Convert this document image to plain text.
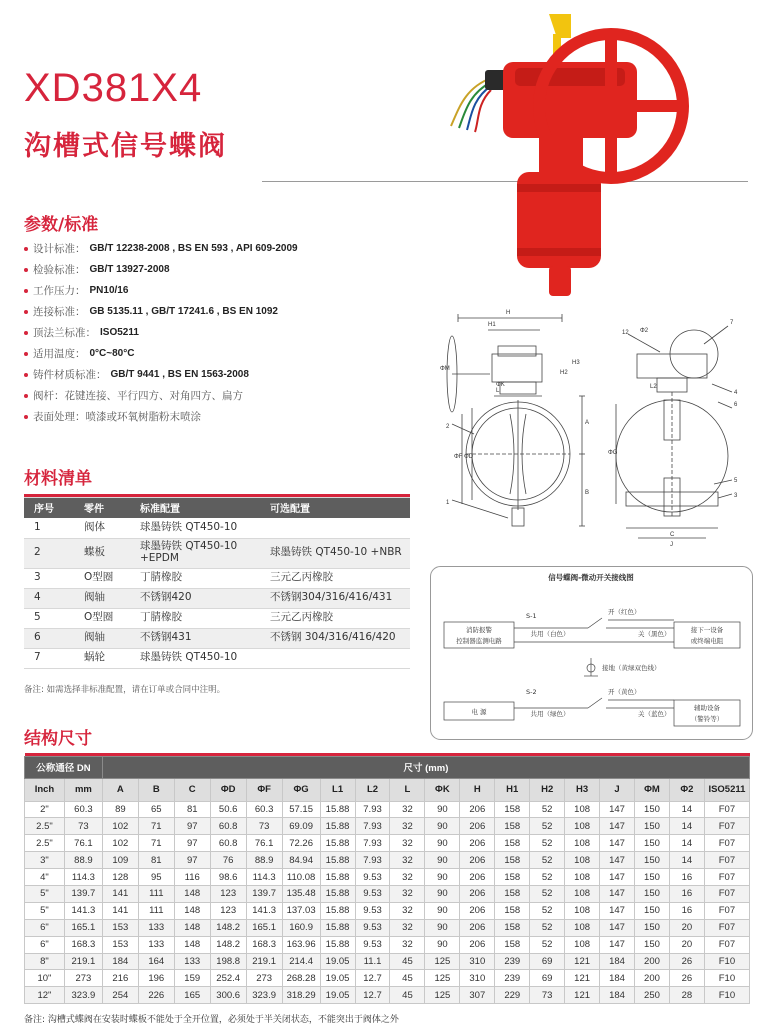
XD381X4
沟槽式信号蝶阀
参数/标准
设计标准： GB/T 12238-2008 , BS EN 593 , API 609-2009
检验标准： GB/T 13927-2008
工作压力： PN10/16
连接标准： GB 5135.11 , GB/T 17241.6 , BS EN 1092
顶法兰标准： ISO5211
适用温度： 0°C~80°C
铸件材质标准： GB/T 9441 , BS EN 1563-2008
阀杆：花键连接、平行四方、对角四方、扁方
表面处理：喷漆或环氧树脂粉末喷涂
材料清单

序号	零件	标准配置	可选配置
1	阀体	球墨铸铁 QT450-10	
2	蝶板	球墨铸铁 QT450-10 +EPDM	球墨铸铁 QT450-10 +NBR
3	O型圈	丁腈橡胶	三元乙丙橡胶
4	阀轴	不锈钢420	不锈钢304/316/416/431
5	O型圈	丁腈橡胶	三元乙丙橡胶
6	阀轴	不锈钢431	不锈钢 304/316/416/420
7	蜗轮	球墨铸铁 QT450-10	
备注: 如需选择非标准配置，请在订单或合同中注明。
H
H1
L
ΦM
ΦK
A
B
ΦF ΦD
H3
H2
1
2
12 Φ2
L2
7
6
4
5
3
ΦG
C
J
信号蝶阀-微动开关接线图
S-1
消防报警
控制器监测电路
接下一设备
或终端电阻
共用（白色）
开（红色）
关（黑色）
接地（黄绿双色线）
S-2
电 源	辅助设备
（警铃等）
共用（绿色）
开（黄色）
关（蓝色）
结构尺寸

公称通径 DN		尺寸 (mm)																	
Inch	mm	A	B	C	ΦD	ΦF	ΦG	L1	L2	L	ΦK	H	H1	H2	H3	J	ΦM	Φ2	ISO5211
2"	60.3	89	65	81	50.6	60.3	57.15	15.88	7.93	32	90	206	158	52	108	147	150	14	F07
2.5"	73	102	71	97	60.8	73	69.09	15.88	7.93	32	90	206	158	52	108	147	150	14	F07
2.5"	76.1	102	71	97	60.8	76.1	72.26	15.88	7.93	32	90	206	158	52	108	147	150	14	F07
3"	88.9	109	81	97	76	88.9	84.94	15.88	7.93	32	90	206	158	52	108	147	150	14	F07
4"	114.3	128	95	116	98.6	114.3	110.08	15.88	9.53	32	90	206	158	52	108	147	150	16	F07
5"	139.7	141	111	148	123	139.7	135.48	15.88	9.53	32	90	206	158	52	108	147	150	16	F07
5"	141.3	141	111	148	123	141.3	137.03	15.88	9.53	32	90	206	158	52	108	147	150	16	F07
6"	165.1	153	133	148	148.2	165.1	160.9	15.88	9.53	32	90	206	158	52	108	147	150	20	F07
6"	168.3	153	133	148	148.2	168.3	163.96	15.88	9.53	32	90	206	158	52	108	147	150	20	F07
8"	219.1	184	164	133	198.8	219.1	214.4	19.05	11.1	45	125	310	239	69	121	184	200	26	F10
10"	273	216	196	159	252.4	273	268.28	19.05	12.7	45	125	310	239	69	121	184	200	26	F10
12"	323.9	254	226	165	300.6	323.9	318.29	19.05	12.7	45	125	307	229	73	121	184	250	28	F10
备注: 沟槽式蝶阀在安装时蝶板不能处于全开位置，必须处于半关闭状态，不能突出于阀体之外
